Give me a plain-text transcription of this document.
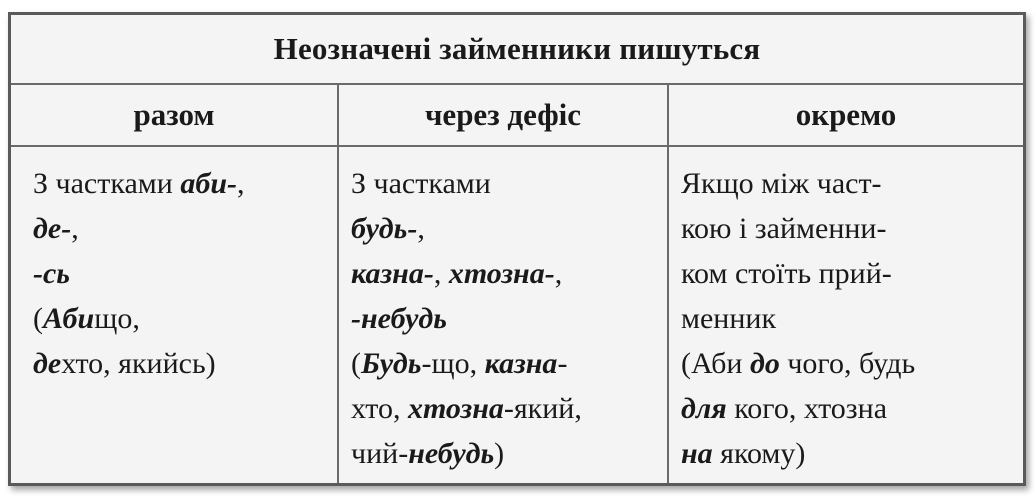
Неозначені займенники пишуться
разом	через дефіс	окремо
З частками аби-,
де-,
-сь
(Абищо,
дехто, якийсь)
З частками
будь-,
казна-, хтозна-,
-небудь
(Будь-що, казна-
хто, хтозна-який,
чий-небудь)
Якщо між част-
кою і займенни-
ком стоїть прий-
менник
(Аби до чого, будь
для кого, хтозна
на якому)
